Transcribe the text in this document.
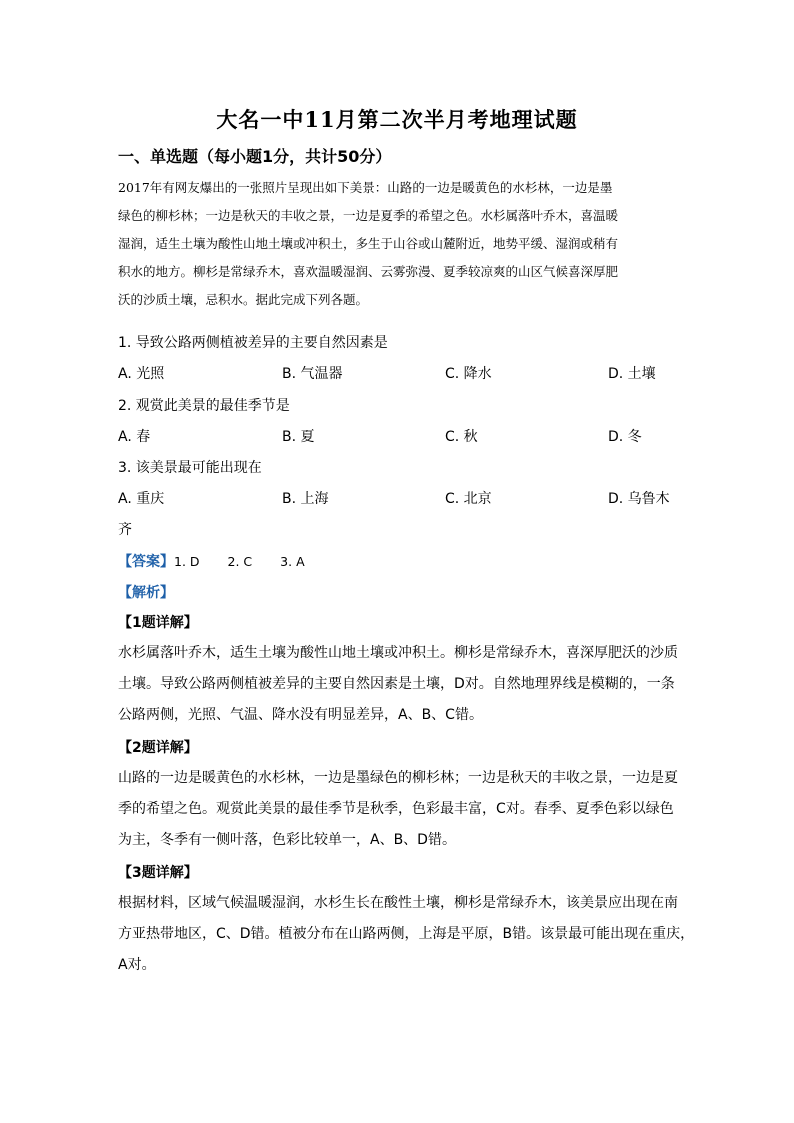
大名一中11月第二次半月考地理试题
一、单选题（每小题1分，共计50分）
2017年有网友爆出的一张照片呈现出如下美景：山路的一边是暖黄色的水杉林，一边是墨
绿色的柳杉林；一边是秋天的丰收之景，一边是夏季的希望之色。水杉属落叶乔木，喜温暖
湿润，适生土壤为酸性山地土壤或冲积土，多生于山谷或山麓附近，地势平缓、湿润或稍有
积水的地方。柳杉是常绿乔木，喜欢温暖湿润、云雾弥漫、夏季较凉爽的山区气候喜深厚肥
沃的沙质土壤，忌积水。据此完成下列各题。
1. 导致公路两侧植被差异的主要自然因素是
A. 光照	B. 气温器	C. 降水	D. 土壤
2. 观赏此美景的最佳季节是
A. 春	B. 夏	C. 秋	D. 冬
3. 该美景最可能出现在
A. 重庆	B. 上海	C. 北京	D. 乌鲁木
齐
【答案】1. D 2. C 3. A
【解析】
【1题详解】
水杉属落叶乔木，适生土壤为酸性山地土壤或冲积土。柳杉是常绿乔木，喜深厚肥沃的沙质
土壤。导致公路两侧植被差异的主要自然因素是土壤，D对。自然地理界线是模糊的，一条
公路两侧，光照、气温、降水没有明显差异，A、B、C错。
【2题详解】
山路的一边是暖黄色的水杉林，一边是墨绿色的柳杉林；一边是秋天的丰收之景，一边是夏
季的希望之色。观赏此美景的最佳季节是秋季，色彩最丰富，C对。春季、夏季色彩以绿色
为主，冬季有一侧叶落，色彩比较单一，A、B、D错。
【3题详解】
根据材料，区域气候温暖湿润，水杉生长在酸性土壤，柳杉是常绿乔木，该美景应出现在南
方亚热带地区，C、D错。植被分布在山路两侧，上海是平原，B错。该景最可能出现在重庆，
A对。
